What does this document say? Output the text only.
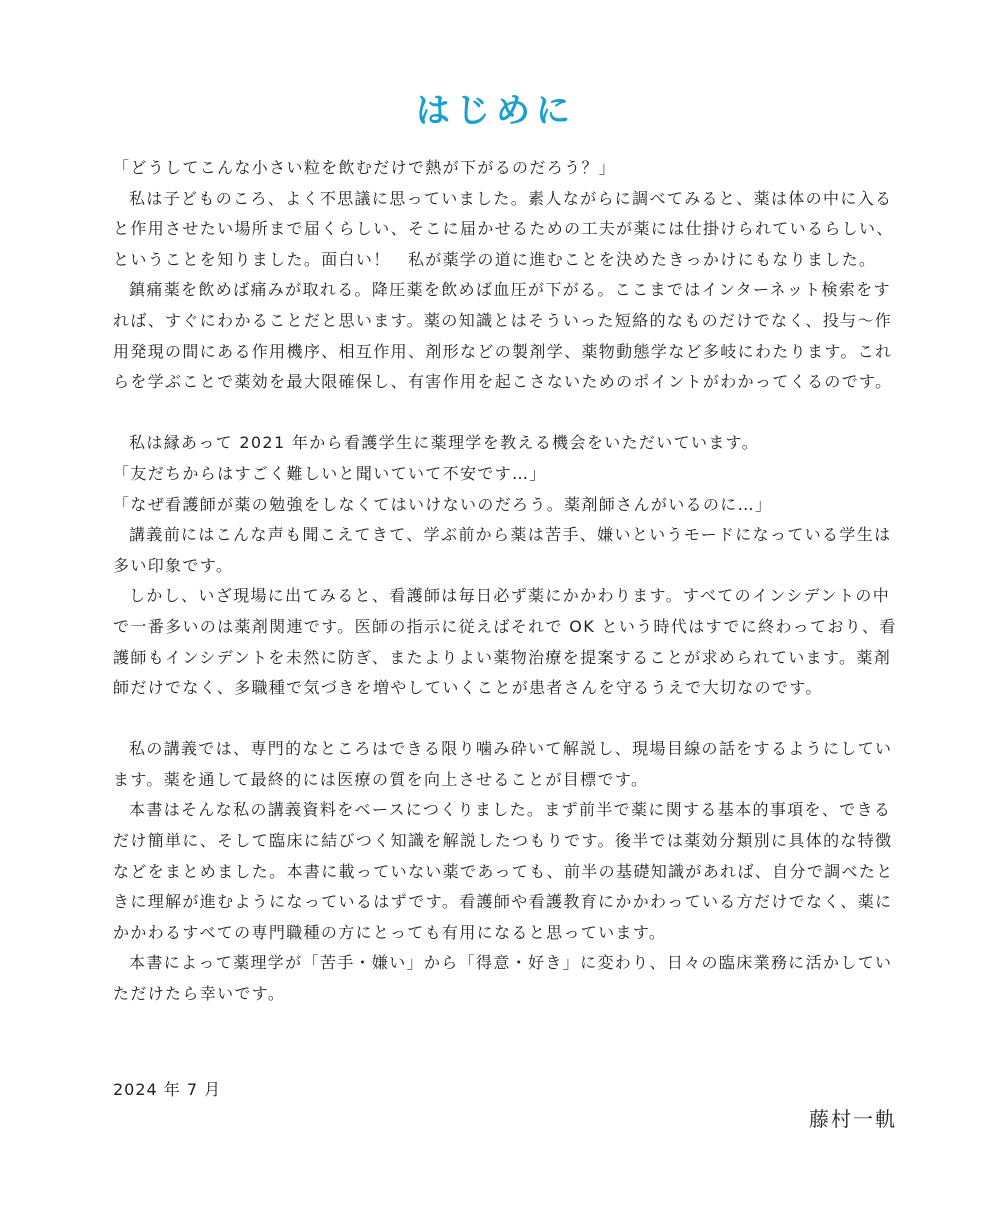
はじめに

「どうしてこんな小さい粒を飲むだけで熱が下がるのだろう？」

私は子どものころ、よく不思議に思っていました。素人ながらに調べてみると、薬は体の中に入ると作用させたい場所まで届くらしい、そこに届かせるための工夫が薬には仕掛けられているらしい、ということを知りました。面白い！　私が薬学の道に進むことを決めたきっかけにもなりました。

鎮痛薬を飲めば痛みが取れる。降圧薬を飲めば血圧が下がる。ここまではインターネット検索をすれば、すぐにわかることだと思います。薬の知識とはそういった短絡的なものだけでなく、投与～作用発現の間にある作用機序、相互作用、剤形などの製剤学、薬物動態学など多岐にわたります。これらを学ぶことで薬効を最大限確保し、有害作用を起こさないためのポイントがわかってくるのです。

私は縁あって 2021 年から看護学生に薬理学を教える機会をいただいています。

「友だちからはすごく難しいと聞いていて不安です…」

「なぜ看護師が薬の勉強をしなくてはいけないのだろう。薬剤師さんがいるのに…」

講義前にはこんな声も聞こえてきて、学ぶ前から薬は苦手、嫌いというモードになっている学生は多い印象です。

しかし、いざ現場に出てみると、看護師は毎日必ず薬にかかわります。すべてのインシデントの中で一番多いのは薬剤関連です。医師の指示に従えばそれで OK という時代はすでに終わっており、看護師もインシデントを未然に防ぎ、またよりよい薬物治療を提案することが求められています。薬剤師だけでなく、多職種で気づきを増やしていくことが患者さんを守るうえで大切なのです。

私の講義では、専門的なところはできる限り噛み砕いて解説し、現場目線の話をするようにしています。薬を通して最終的には医療の質を向上させることが目標です。

本書はそんな私の講義資料をベースにつくりました。まず前半で薬に関する基本的事項を、できるだけ簡単に、そして臨床に結びつく知識を解説したつもりです。後半では薬効分類別に具体的な特徴などをまとめました。本書に載っていない薬であっても、前半の基礎知識があれば、自分で調べたときに理解が進むようになっているはずです。看護師や看護教育にかかわっている方だけでなく、薬にかかわるすべての専門職種の方にとっても有用になると思っています。

本書によって薬理学が「苦手・嫌い」から「得意・好き」に変わり、日々の臨床業務に活かしていただけたら幸いです。

2024 年 7 月
藤村一軌
